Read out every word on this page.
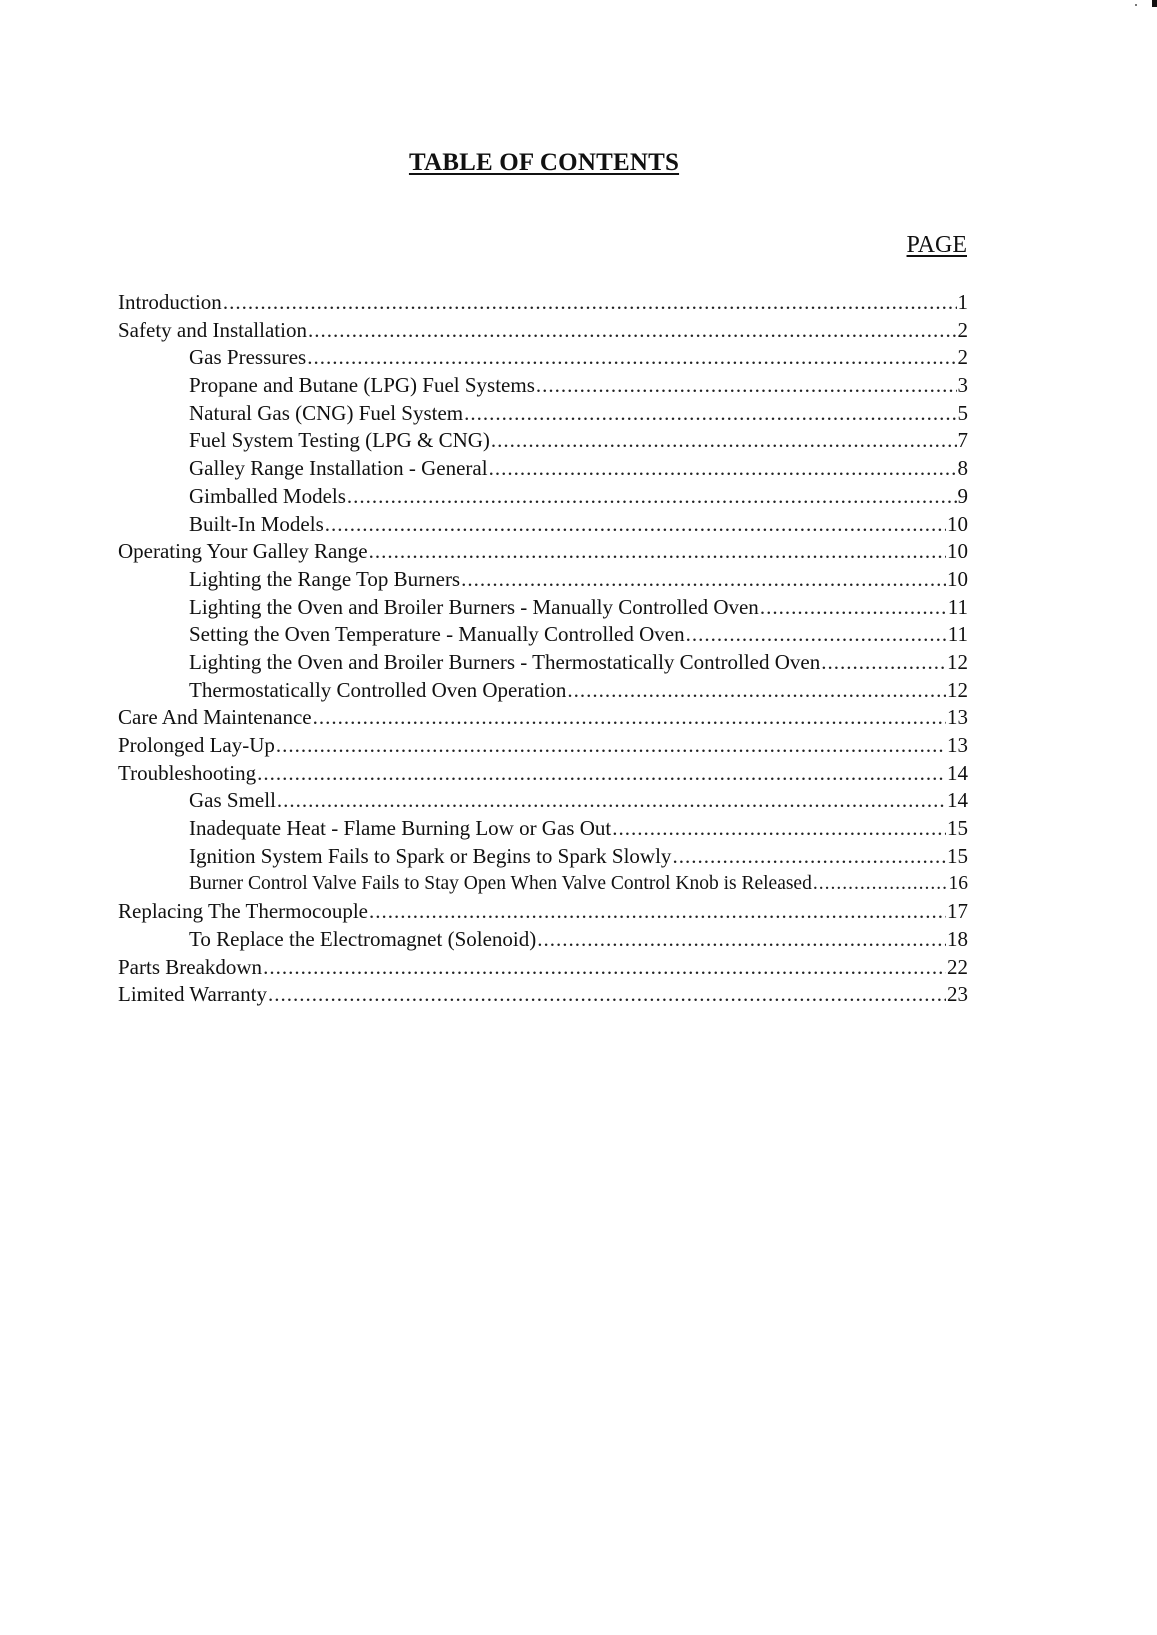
TABLE OF CONTENTS
PAGE
Introduction .....	1
Safety and Installation .....	2
Gas Pressures .....	2
Propane and Butane (LPG) Fuel Systems .....	3
Natural Gas (CNG) Fuel System .....	5
Fuel System Testing (LPG & CNG) .....	7
Galley Range Installation - General .....	8
Gimballed Models .....	9
Built-In Models .....	10
Operating Your Galley Range .....	10
Lighting the Range Top Burners .....	10
Lighting the Oven and Broiler Burners - Manually Controlled Oven .....	11
Setting the Oven Temperature - Manually Controlled Oven .....	11
Lighting the Oven and Broiler Burners - Thermostatically Controlled Oven .....	12
Thermostatically Controlled Oven Operation .....	12
Care And Maintenance .....	13
Prolonged Lay-Up .....	13
Troubleshooting .....	14
Gas Smell .....	14
Inadequate Heat - Flame Burning Low or Gas Out .....	15
Ignition System Fails to Spark or Begins to Spark Slowly .....	15
Burner Control Valve Fails to Stay Open When Valve Control Knob is Released .....	16
Replacing The Thermocouple .....	17
To Replace the Electromagnet (Solenoid) .....	18
Parts Breakdown .....	22
Limited Warranty .....	23
